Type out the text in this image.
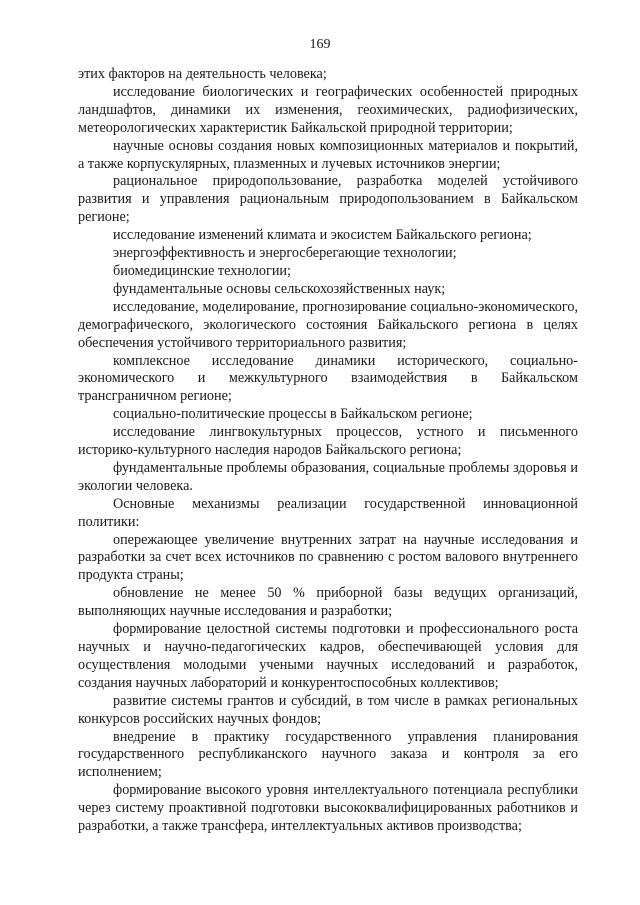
169

этих факторов на деятельность человека;

исследование биологических и географических особенностей природных ландшафтов, динамики их изменения, геохимических, радиофизических, метеорологических характеристик Байкальской природной территории;

научные основы создания новых композиционных материалов и покрытий, а также корпускулярных, плазменных и лучевых источников энергии;

рациональное природопользование, разработка моделей устойчивого развития и управления рациональным природопользованием в Байкальском регионе;

исследование изменений климата и экосистем Байкальского региона;

энергоэффективность и энергосберегающие технологии;

биомедицинские технологии;

фундаментальные основы сельскохозяйственных наук;

исследование, моделирование, прогнозирование социально-экономического, демографического, экологического состояния Байкальского региона в целях обеспечения устойчивого территориального развития;

комплексное исследование динамики исторического, социально-экономического и межкультурного взаимодействия в Байкальском трансграничном регионе;

социально-политические процессы в Байкальском регионе;

исследование лингвокультурных процессов, устного и письменного историко-культурного наследия народов Байкальского региона;

фундаментальные проблемы образования, социальные проблемы здоровья и экологии человека.

Основные механизмы реализации государственной инновационной политики:

опережающее увеличение внутренних затрат на научные исследования и разработки за счет всех источников по сравнению с ростом валового внутреннего продукта страны;

обновление не менее 50 % приборной базы ведущих организаций, выполняющих научные исследования и разработки;

формирование целостной системы подготовки и профессионального роста научных и научно-педагогических кадров, обеспечивающей условия для осуществления молодыми учеными научных исследований и разработок, создания научных лабораторий и конкурентоспособных коллективов;

развитие системы грантов и субсидий, в том числе в рамках региональных конкурсов российских научных фондов;

внедрение в практику государственного управления планирования государственного республиканского научного заказа и контроля за его исполнением;

формирование высокого уровня интеллектуального потенциала республики через систему проактивной подготовки высококвалифицированных работников и разработки, а также трансфера, интеллектуальных активов производства;
